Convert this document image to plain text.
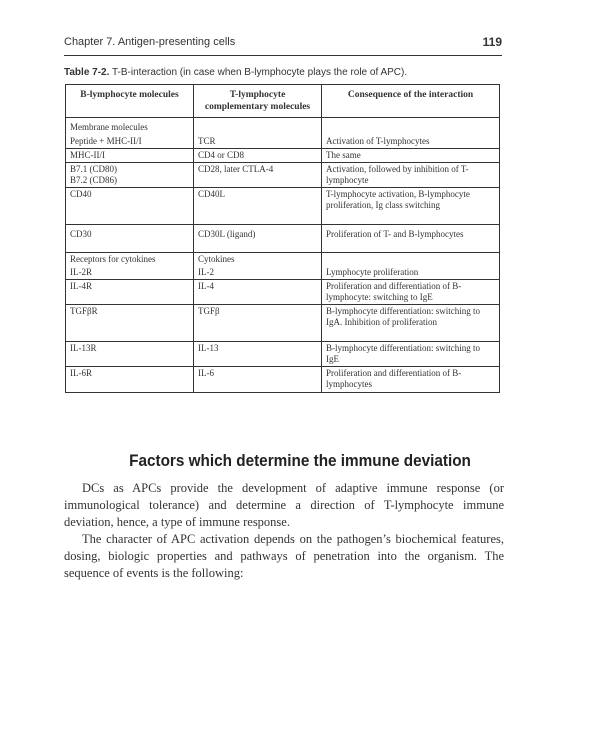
Chapter 7. Antigen-presenting cells	119
Table 7-2. T-B-interaction (in case when B-lymphocyte plays the role of APC).
B-lymphocyte molecules	T-lymphocyte complementary molecules	Consequence of the interaction
Membrane molecules		
Peptide + MHC-II/I	TCR	Activation of T-lymphocytes
MHC-II/I	CD4 or CD8	The same

B7.1 (CD80)
B7.2 (CD86)	CD28, later CTLA-4	Activation, followed by inhibition of T-lymphocyte
CD40	CD40L	T-lymphocyte activation, B-lymphocyte proliferation, Ig class switching
CD30	CD30L (ligand)	Proliferation of T- and B-lymphocytes
Receptors for cytokines	Cytokines	
IL-2R	IL-2	Lymphocyte proliferation
IL-4R	IL-4	Proliferation and differentiation of B-lymphocyte: switching to IgE
TGFβR	TGFβ	B-lymphocyte differentiation: switching to IgA. Inhibition of proliferation
IL-13R	IL-13	B-lymphocyte differentiation: switching to IgE
IL-6R	IL-6	Proliferation and differentiation of B-lymphocytes
Factors which determine the immune deviation

DCs as APCs provide the development of adaptive immune response (or immunological tolerance) and determine a direction of T-lymphocyte immune deviation, hence, a type of immune response.

The character of APC activation depends on the pathogen’s biochemical features, dosing, biologic properties and pathways of penetration into the organism. The sequence of events is the following:
